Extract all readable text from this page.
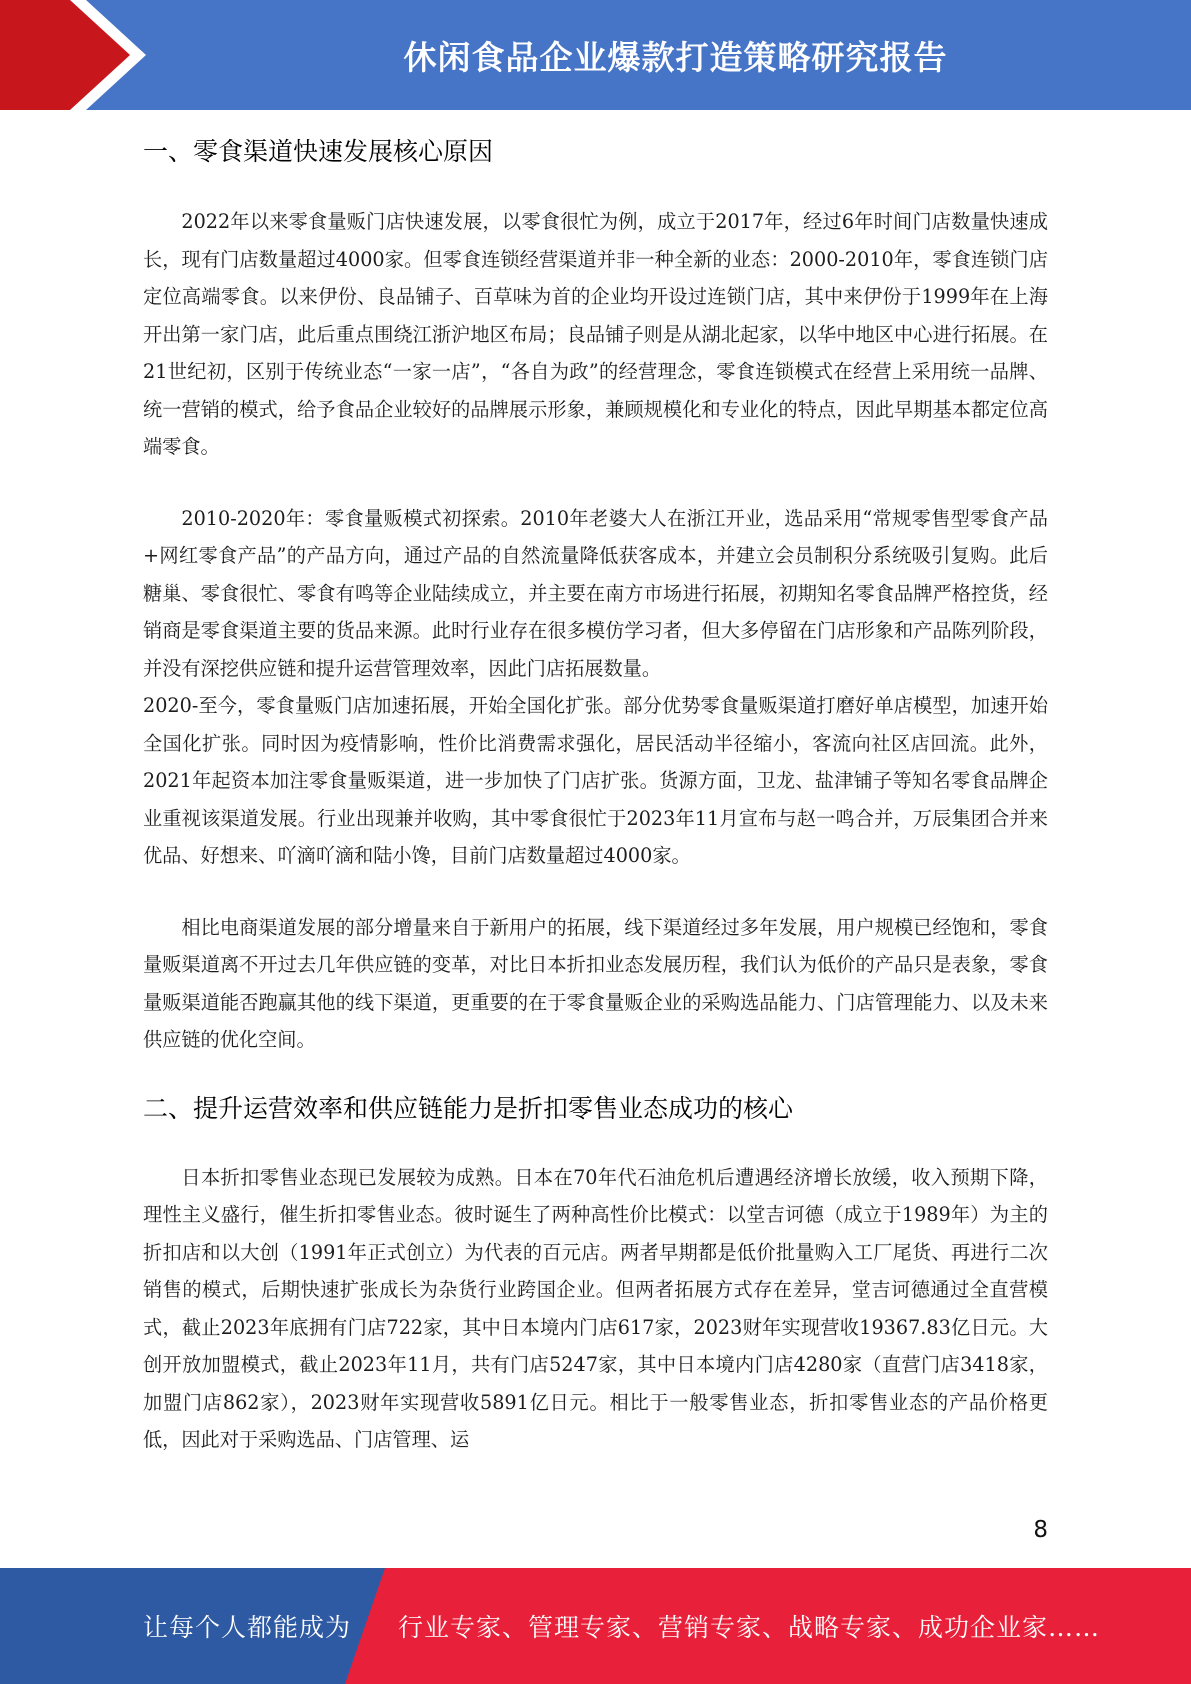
休闲食品企业爆款打造策略研究报告
一、零食渠道快速发展核心原因

2022年以来零食量贩门店快速发展，以零食很忙为例，成立于2017年，经过6年时间门店数量快速成长，现有门店数量超过4000家。但零食连锁经营渠道并非一种全新的业态：2000-2010年，零食连锁门店定位高端零食。以来伊份、良品铺子、百草味为首的企业均开设过连锁门店，其中来伊份于1999年在上海开出第一家门店，此后重点围绕江浙沪地区布局；良品铺子则是从湖北起家，以华中地区中心进行拓展。在21世纪初，区别于传统业态“一家一店”，“各自为政”的经营理念，零食连锁模式在经营上采用统一品牌、统一营销的模式，给予食品企业较好的品牌展示形象，兼顾规模化和专业化的特点，因此早期基本都定位高端零食。

2010-2020年：零食量贩模式初探索。2010年老婆大人在浙江开业，选品采用“常规零售型零食产品+网红零食产品”的产品方向，通过产品的自然流量降低获客成本，并建立会员制积分系统吸引复购。此后糖巢、零食很忙、零食有鸣等企业陆续成立，并主要在南方市场进行拓展，初期知名零食品牌严格控货，经销商是零食渠道主要的货品来源。此时行业存在很多模仿学习者，但大多停留在门店形象和产品陈列阶段，并没有深挖供应链和提升运营管理效率，因此门店拓展数量。

2020-至今，零食量贩门店加速拓展，开始全国化扩张。部分优势零食量贩渠道打磨好单店模型，加速开始全国化扩张。同时因为疫情影响，性价比消费需求强化，居民活动半径缩小，客流向社区店回流。此外，2021年起资本加注零食量贩渠道，进一步加快了门店扩张。货源方面，卫龙、盐津铺子等知名零食品牌企业重视该渠道发展。行业出现兼并收购，其中零食很忙于2023年11月宣布与赵一鸣合并，万辰集团合并来优品、好想来、吖滴吖滴和陆小馋，目前门店数量超过4000家。

相比电商渠道发展的部分增量来自于新用户的拓展，线下渠道经过多年发展，用户规模已经饱和，零食量贩渠道离不开过去几年供应链的变革，对比日本折扣业态发展历程，我们认为低价的产品只是表象，零食量贩渠道能否跑赢其他的线下渠道，更重要的在于零食量贩企业的采购选品能力、门店管理能力、以及未来供应链的优化空间。

二、提升运营效率和供应链能力是折扣零售业态成功的核心

日本折扣零售业态现已发展较为成熟。日本在70年代石油危机后遭遇经济增长放缓，收入预期下降，理性主义盛行，催生折扣零售业态。彼时诞生了两种高性价比模式：以堂吉诃德（成立于1989年）为主的折扣店和以大创（1991年正式创立）为代表的百元店。两者早期都是低价批量购入工厂尾货、再进行二次销售的模式，后期快速扩张成长为杂货行业跨国企业。但两者拓展方式存在差异，堂吉诃德通过全直营模式，截止2023年底拥有门店722家，其中日本境内门店617家，2023财年实现营收19367.83亿日元。大创开放加盟模式，截止2023年11月，共有门店5247家，其中日本境内门店4280家（直营门店3418家，加盟门店862家），2023财年实现营收5891亿日元。相比于一般零售业态，折扣零售业态的产品价格更低，因此对于采购选品、门店管理、运

8
让每个人都能成为 行业专家、管理专家、营销专家、战略专家、成功企业家……
